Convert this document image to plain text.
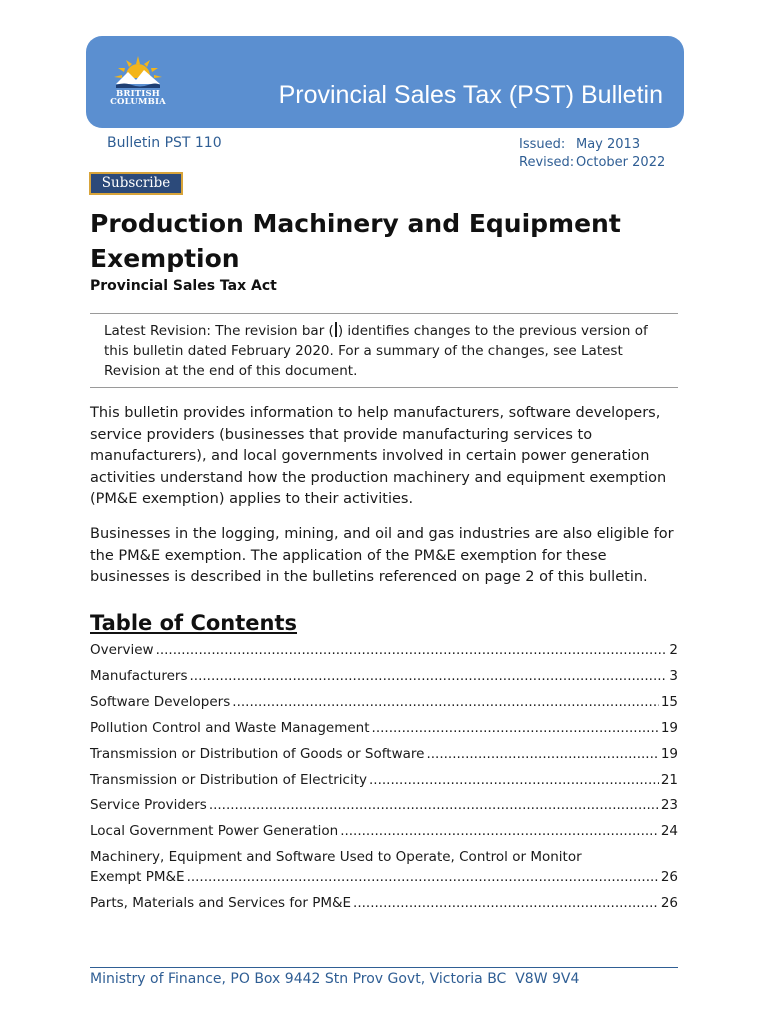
BRITISH
COLUMBIA	Provincial Sales Tax (PST) Bulletin
Bulletin PST 110	Issued: May 2013
Revised: October 2022
Subscribe
Production Machinery and Equipment Exemption
Provincial Sales Tax Act
Latest Revision: The revision bar ( ) identifies changes to the previous version of this bulletin dated February 2020. For a summary of the changes, see Latest Revision at the end of this document.

This bulletin provides information to help manufacturers, software developers, service providers (businesses that provide manufacturing services to manufacturers), and local governments involved in certain power generation activities understand how the production machinery and equipment exemption (PM&E exemption) applies to their activities.

Businesses in the logging, mining, and oil and gas industries are also eligible for the PM&E exemption. The application of the PM&E exemption for these businesses is described in the bulletins referenced on page 2 of this bulletin.

Table of Contents
Overview .....	2
Manufacturers .....	3
Software Developers .....	15
Pollution Control and Waste Management .....	19
Transmission or Distribution of Goods or Software .....	19
Transmission or Distribution of Electricity .....	21
Service Providers .....	23
Local Government Power Generation .....	24
Machinery, Equipment and Software Used to Operate, Control or Monitor
Exempt PM&E .....	26
Parts, Materials and Services for PM&E .....	26
Ministry of Finance, PO Box 9442 Stn Prov Govt, Victoria BC  V8W 9V4
